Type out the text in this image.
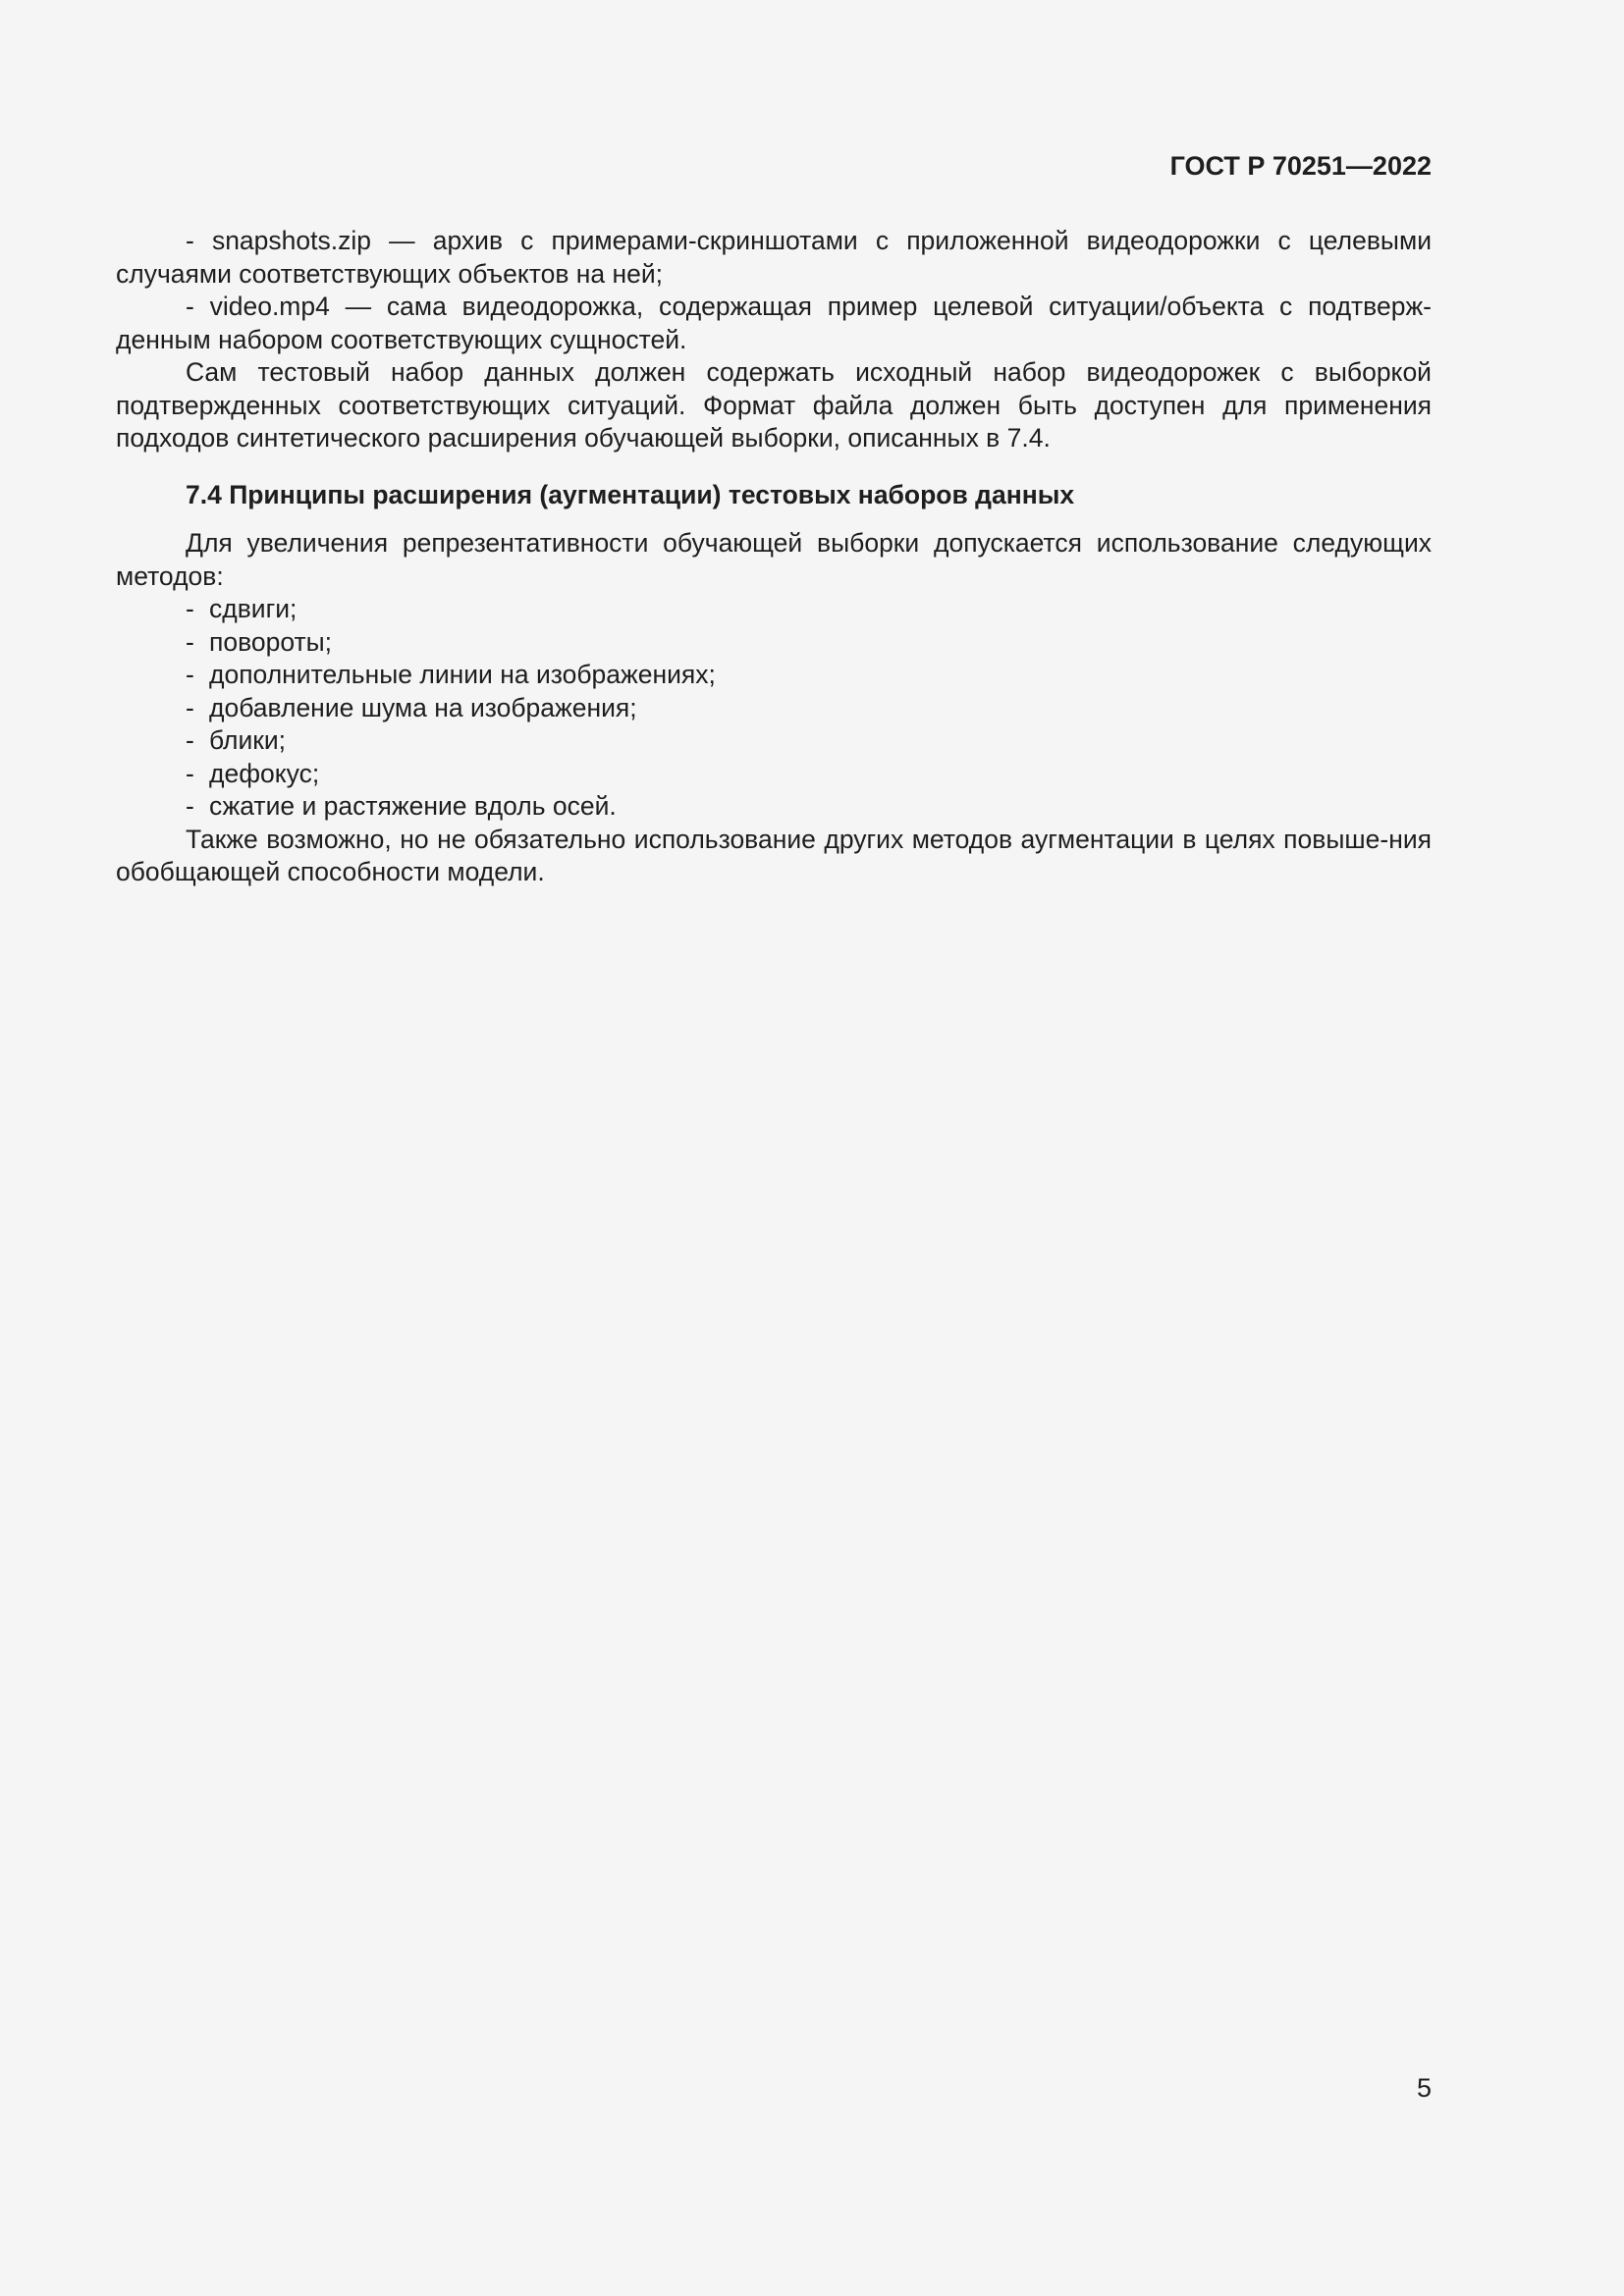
ГОСТ Р 70251—2022

- snapshots.zip — архив с примерами-скриншотами с приложенной видеодорожки с целевыми случаями соответствующих объектов на ней;

- video.mp4 — сама видеодорожка, содержащая пример целевой ситуации/объекта с подтверж-денным набором соответствующих сущностей.

Сам тестовый набор данных должен содержать исходный набор видеодорожек с выборкой подтвержденных соответствующих ситуаций. Формат файла должен быть доступен для применения подходов синтетического расширения обучающей выборки, описанных в 7.4.

7.4 Принципы расширения (аугментации) тестовых наборов данных

Для увеличения репрезентативности обучающей выборки допускается использование следующих методов:

- сдвиги;
- повороты;
- дополнительные линии на изображениях;
- добавление шума на изображения;
- блики;
- дефокус;
- сжатие и растяжение вдоль осей.

Также возможно, но не обязательно использование других методов аугментации в целях повыше-ния обобщающей способности модели.

5
